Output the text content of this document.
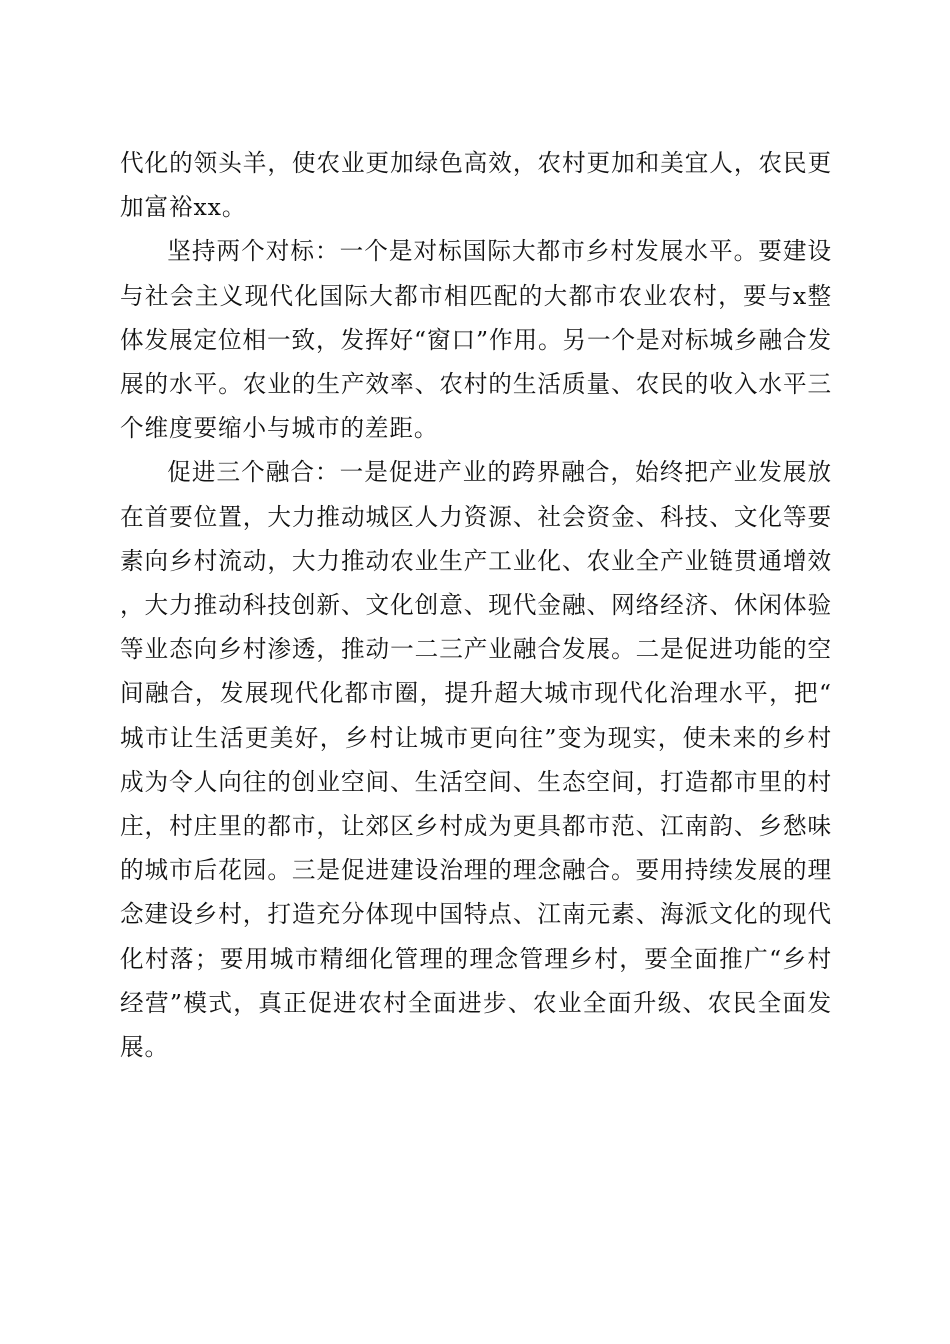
代化的领头羊，使农业更加绿色高效，农村更加和美宜人，农民更加富裕xx。

坚持两个对标：一个是对标国际大都市乡村发展水平。要建设与社会主义现代化国际大都市相匹配的大都市农业农村，要与x整体发展定位相一致，发挥好“窗口”作用。另一个是对标城乡融合发展的水平。农业的生产效率、农村的生活质量、农民的收入水平三个维度要缩小与城市的差距。

促进三个融合：一是促进产业的跨界融合，始终把产业发展放在首要位置，大力推动城区人力资源、社会资金、科技、文化等要素向乡村流动，大力推动农业生产工业化、农业全产业链贯通增效，大力推动科技创新、文化创意、现代金融、网络经济、休闲体验等业态向乡村渗透，推动一二三产业融合发展。二是促进功能的空间融合，发展现代化都市圈，提升超大城市现代化治理水平，把“城市让生活更美好，乡村让城市更向往”变为现实，使未来的乡村成为令人向往的创业空间、生活空间、生态空间，打造都市里的村庄，村庄里的都市，让郊区乡村成为更具都市范、江南韵、乡愁味的城市后花园。三是促进建设治理的理念融合。要用持续发展的理念建设乡村，打造充分体现中国特点、江南元素、海派文化的现代化村落；要用城市精细化管理的理念管理乡村，要全面推广“乡村经营”模式，真正促进农村全面进步、农业全面升级、农民全面发展。
